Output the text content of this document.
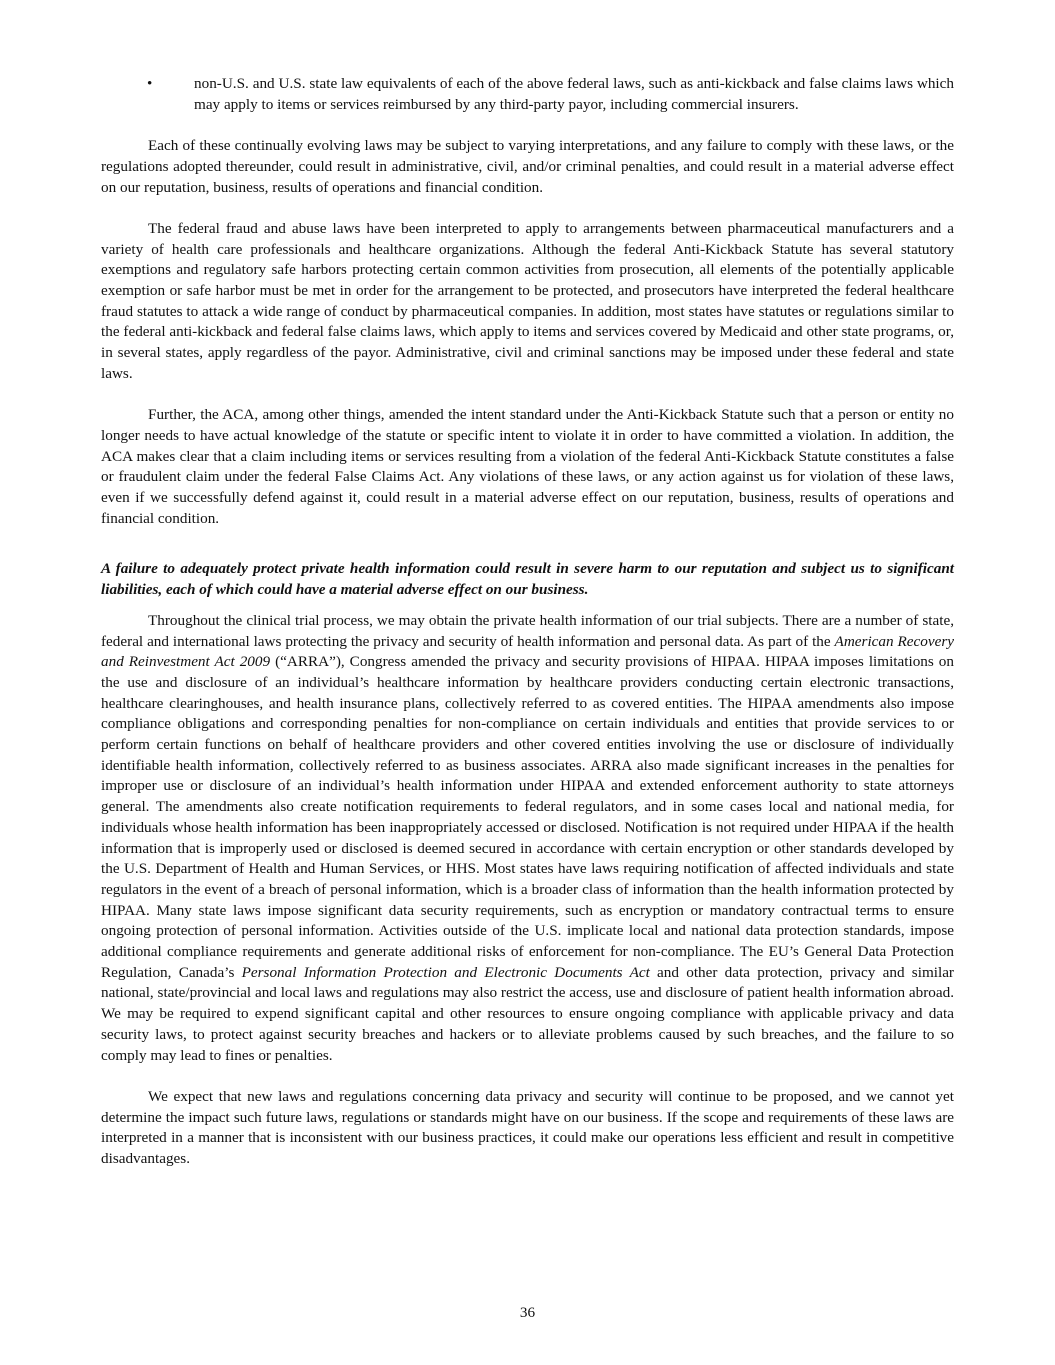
•	non-U.S. and U.S. state law equivalents of each of the above federal laws, such as anti-kickback and false claims laws which may apply to items or services reimbursed by any third-party payor, including commercial insurers.

Each of these continually evolving laws may be subject to varying interpretations, and any failure to comply with these laws, or the regulations adopted thereunder, could result in administrative, civil, and/or criminal penalties, and could result in a material adverse effect on our reputation, business, results of operations and financial condition.

The federal fraud and abuse laws have been interpreted to apply to arrangements between pharmaceutical manufacturers and a variety of health care professionals and healthcare organizations. Although the federal Anti-Kickback Statute has several statutory exemptions and regulatory safe harbors protecting certain common activities from prosecution, all elements of the potentially applicable exemption or safe harbor must be met in order for the arrangement to be protected, and prosecutors have interpreted the federal healthcare fraud statutes to attack a wide range of conduct by pharmaceutical companies. In addition, most states have statutes or regulations similar to the federal anti-kickback and federal false claims laws, which apply to items and services covered by Medicaid and other state programs, or, in several states, apply regardless of the payor. Administrative, civil and criminal sanctions may be imposed under these federal and state laws.

Further, the ACA, among other things, amended the intent standard under the Anti-Kickback Statute such that a person or entity no longer needs to have actual knowledge of the statute or specific intent to violate it in order to have committed a violation. In addition, the ACA makes clear that a claim including items or services resulting from a violation of the federal Anti-Kickback Statute constitutes a false or fraudulent claim under the federal False Claims Act. Any violations of these laws, or any action against us for violation of these laws, even if we successfully defend against it, could result in a material adverse effect on our reputation, business, results of operations and financial condition.

A failure to adequately protect private health information could result in severe harm to our reputation and subject us to significant liabilities, each of which could have a material adverse effect on our business.

Throughout the clinical trial process, we may obtain the private health information of our trial subjects. There are a number of state, federal and international laws protecting the privacy and security of health information and personal data. As part of the American Recovery and Reinvestment Act 2009 (“ARRA”), Congress amended the privacy and security provisions of HIPAA. HIPAA imposes limitations on the use and disclosure of an individual’s healthcare information by healthcare providers conducting certain electronic transactions, healthcare clearinghouses, and health insurance plans, collectively referred to as covered entities. The HIPAA amendments also impose compliance obligations and corresponding penalties for non-compliance on certain individuals and entities that provide services to or perform certain functions on behalf of healthcare providers and other covered entities involving the use or disclosure of individually identifiable health information, collectively referred to as business associates. ARRA also made significant increases in the penalties for improper use or disclosure of an individual’s health information under HIPAA and extended enforcement authority to state attorneys general. The amendments also create notification requirements to federal regulators, and in some cases local and national media, for individuals whose health information has been inappropriately accessed or disclosed. Notification is not required under HIPAA if the health information that is improperly used or disclosed is deemed secured in accordance with certain encryption or other standards developed by the U.S. Department of Health and Human Services, or HHS. Most states have laws requiring notification of affected individuals and state regulators in the event of a breach of personal information, which is a broader class of information than the health information protected by HIPAA. Many state laws impose significant data security requirements, such as encryption or mandatory contractual terms to ensure ongoing protection of personal information. Activities outside of the U.S. implicate local and national data protection standards, impose additional compliance requirements and generate additional risks of enforcement for non-compliance. The EU’s General Data Protection Regulation, Canada’s Personal Information Protection and Electronic Documents Act and other data protection, privacy and similar national, state/provincial and local laws and regulations may also restrict the access, use and disclosure of patient health information abroad. We may be required to expend significant capital and other resources to ensure ongoing compliance with applicable privacy and data security laws, to protect against security breaches and hackers or to alleviate problems caused by such breaches, and the failure to so comply may lead to fines or penalties.

We expect that new laws and regulations concerning data privacy and security will continue to be proposed, and we cannot yet determine the impact such future laws, regulations or standards might have on our business. If the scope and requirements of these laws are interpreted in a manner that is inconsistent with our business practices, it could make our operations less efficient and result in competitive disadvantages.

36
